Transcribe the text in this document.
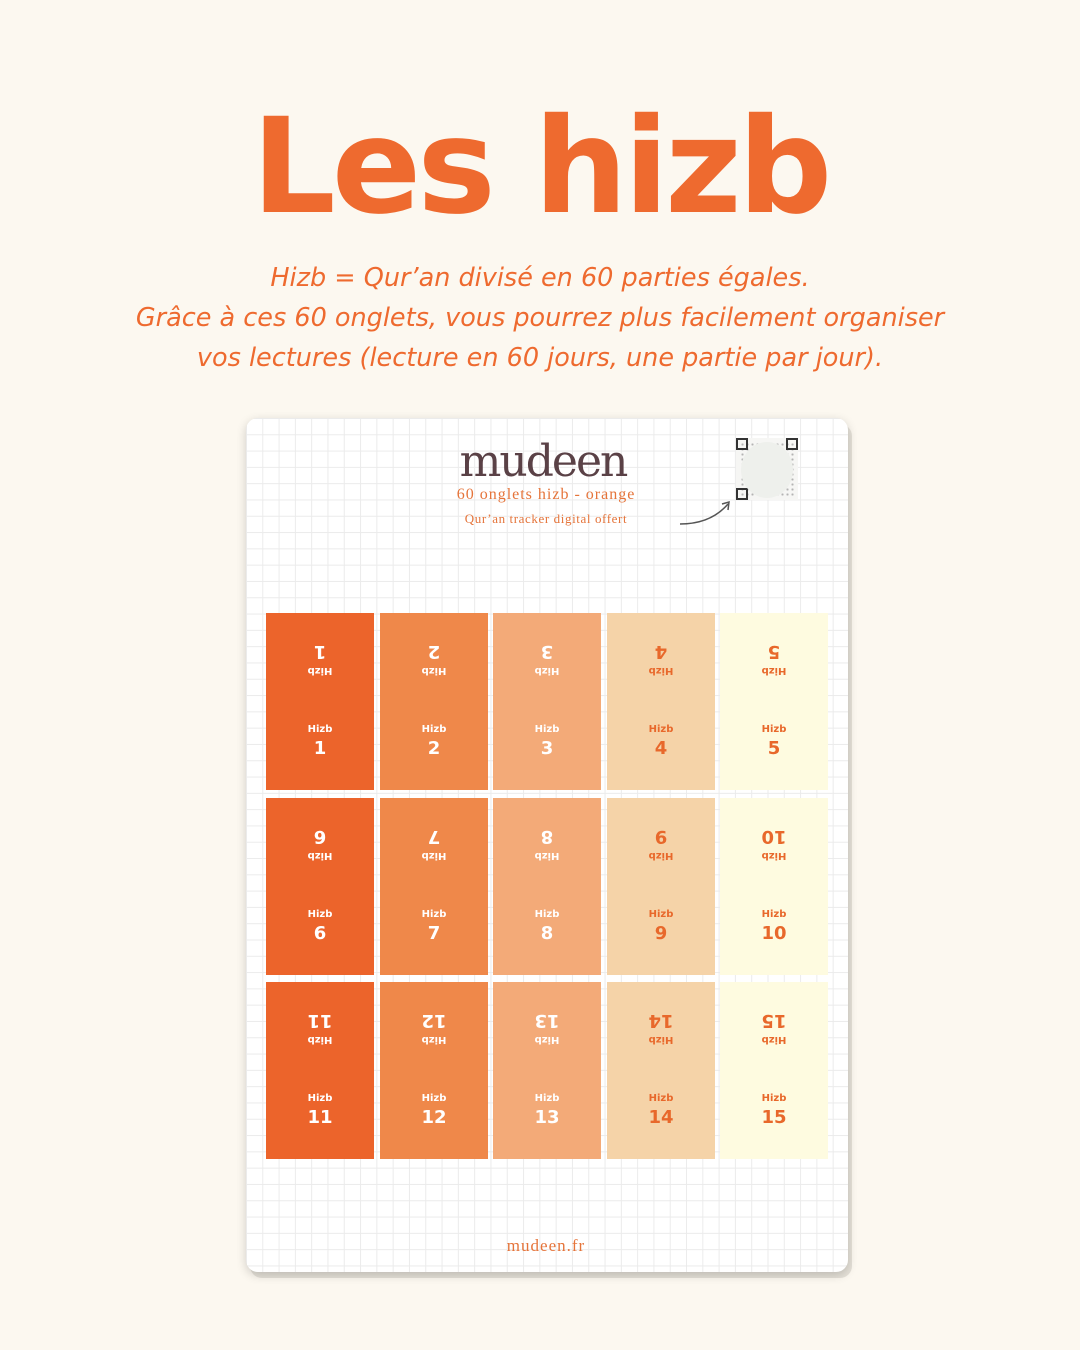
Les hizb
Hizb = Qur’an divisé en 60 parties égales.
Grâce à ces 60 onglets, vous pourrez plus facilement organiser
vos lectures (lecture en 60 jours, une partie par jour).
mudeen
60 onglets hizb - orange
Qur’an tracker digital offert
Hizb
1
Hizb
1
Hizb
2
Hizb
2
Hizb
3
Hizb
3
Hizb
4
Hizb
4
Hizb
5
Hizb
5
Hizb
6
Hizb
6
Hizb
7
Hizb
7
Hizb
8
Hizb
8
Hizb
9
Hizb
9
Hizb
10
Hizb
10
Hizb
11
Hizb
11
Hizb
12
Hizb
12
Hizb
13
Hizb
13
Hizb
14
Hizb
14
Hizb
15
Hizb
15
mudeen.fr
